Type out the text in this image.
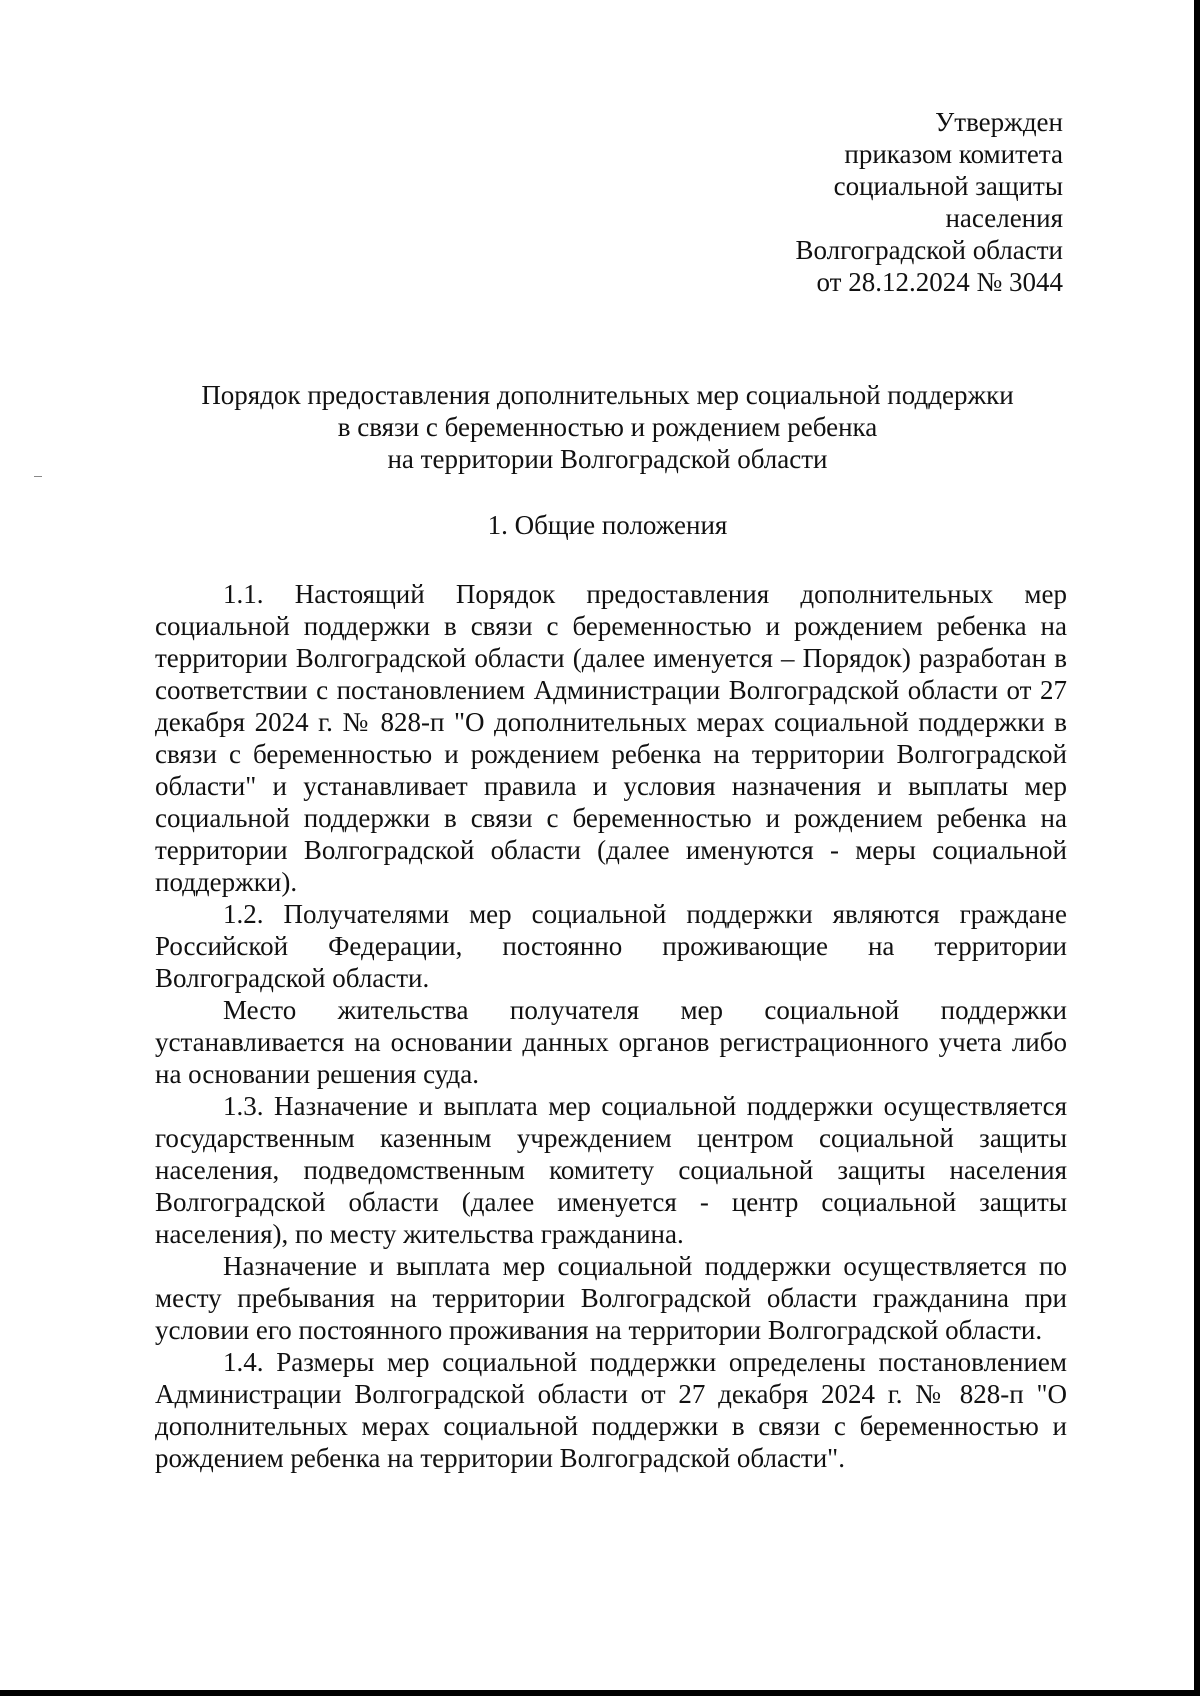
Утвержден
приказом комитета
социальной защиты
населения
Волгоградской области
от 28.12.2024 № 3044
Порядок предоставления дополнительных мер социальной поддержки
в связи с беременностью и рождением ребенка
на территории Волгоградской области
1. Общие положения

1.1. Настоящий Порядок предоставления дополнительных мер социальной поддержки в связи с беременностью и рождением ребенка на территории Волгоградской области (далее именуется – Порядок) разработан в соответствии с постановлением Администрации Волгоградской области от 27 декабря 2024 г. № 828-п "О дополнительных мерах социальной поддержки в связи с беременностью и рождением ребенка на территории Волгоградской области" и устанавливает правила и условия назначения и выплаты мер социальной поддержки в связи с беременностью и рождением ребенка на территории Волгоградской области (далее именуются - меры социальной поддержки).

1.2. Получателями мер социальной поддержки являются граждане Российской Федерации, постоянно проживающие на территории Волгоградской области.

Место жительства получателя мер социальной поддержки устанавливается на основании данных органов регистрационного учета либо на основании решения суда.

1.3. Назначение и выплата мер социальной поддержки осуществляется государственным казенным учреждением центром социальной защиты населения, подведомственным комитету социальной защиты населения Волгоградской области (далее именуется - центр социальной защиты населения), по месту жительства гражданина.

Назначение и выплата мер социальной поддержки осуществляется по месту пребывания на территории Волгоградской области гражданина при условии его постоянного проживания на территории Волгоградской области.

1.4. Размеры мер социальной поддержки определены постановлением Администрации Волгоградской области от 27 декабря 2024 г. № 828-п "О дополнительных мерах социальной поддержки в связи с беременностью и рождением ребенка на территории Волгоградской области".
